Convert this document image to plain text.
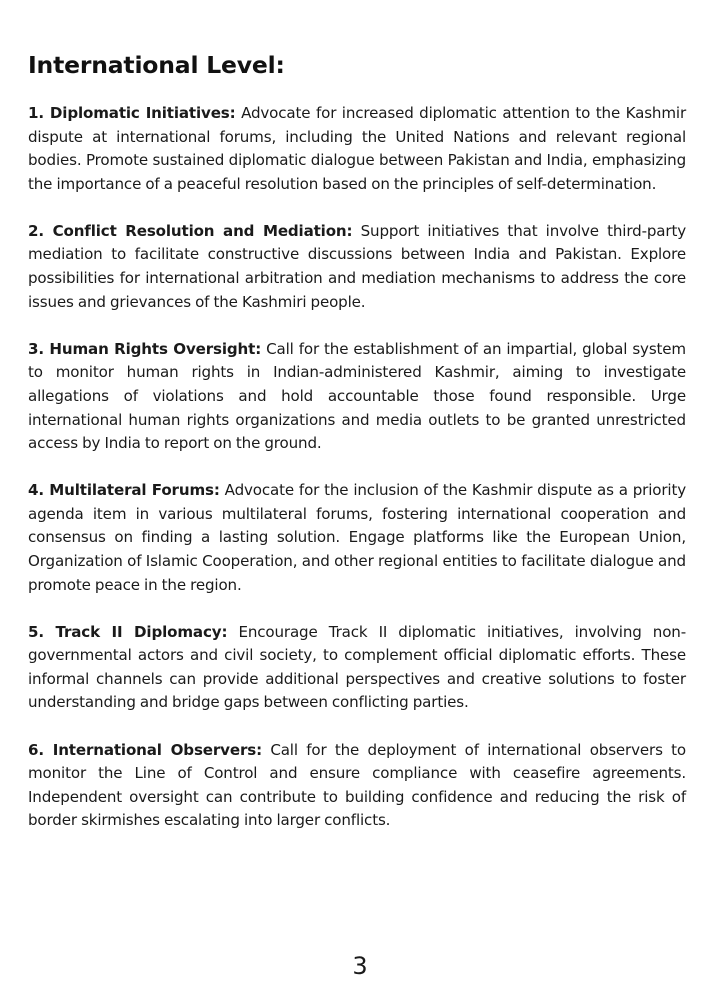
International Level:

1. Diplomatic Initiatives: Advocate for increased diplomatic attention to the Kashmir dispute at international forums, including the United Nations and relevant regional bodies. Promote sustained diplomatic dialogue between Pakistan and India, emphasizing the importance of a peaceful resolution based on the principles of self-determination.

2. Conflict Resolution and Mediation: Support initiatives that involve third-party mediation to facilitate constructive discussions between India and Pakistan. Explore possibilities for international arbitration and mediation mechanisms to address the core issues and grievances of the Kashmiri people.

3. Human Rights Oversight: Call for the establishment of an impartial, global system to monitor human rights in Indian-administered Kashmir, aiming to investigate allegations of violations and hold accountable those found responsible. Urge international human rights organizations and media outlets to be granted unrestricted access by India to report on the ground.

4. Multilateral Forums: Advocate for the inclusion of the Kashmir dispute as a priority agenda item in various multilateral forums, fostering international cooperation and consensus on finding a lasting solution. Engage platforms like the European Union, Organization of Islamic Cooperation, and other regional entities to facilitate dialogue and promote peace in the region.

5. Track II Diplomacy: Encourage Track II diplomatic initiatives, involving non-governmental actors and civil society, to complement official diplomatic efforts. These informal channels can provide additional perspectives and creative solutions to foster understanding and bridge gaps between conflicting parties.

6. International Observers: Call for the deployment of international observers to monitor the Line of Control and ensure compliance with ceasefire agreements. Independent oversight can contribute to building confidence and reducing the risk of border skirmishes escalating into larger conflicts.

3
